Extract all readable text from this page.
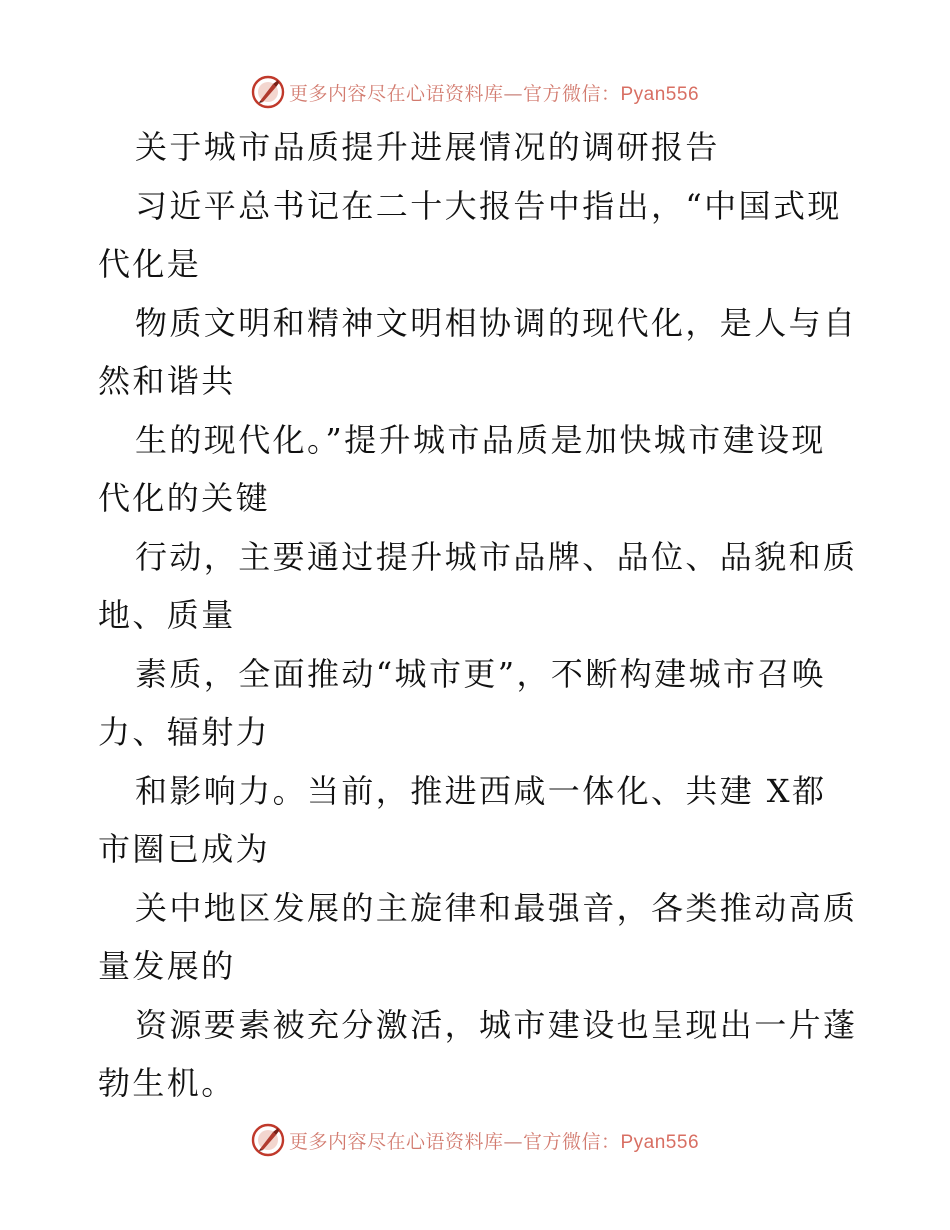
更多内容尽在心语资料库—官方微信：Pyan556
关于城市品质提升进展情况的调研报告
习近平总书记在二十大报告中指出，“中国式现
代化是
物质文明和精神文明相协调的现代化，是人与自
然和谐共
生的现代化。”提升城市品质是加快城市建设现
代化的关键
行动，主要通过提升城市品牌、品位、品貌和质
地、质量
素质，全面推动“城市更”，不断构建城市召唤
力、辐射力
和影响力。当前，推进西咸一体化、共建 X都
市圈已成为
关中地区发展的主旋律和最强音，各类推动高质
量发展的
资源要素被充分激活，城市建设也呈现出一片蓬
勃生机。
更多内容尽在心语资料库—官方微信：Pyan556
